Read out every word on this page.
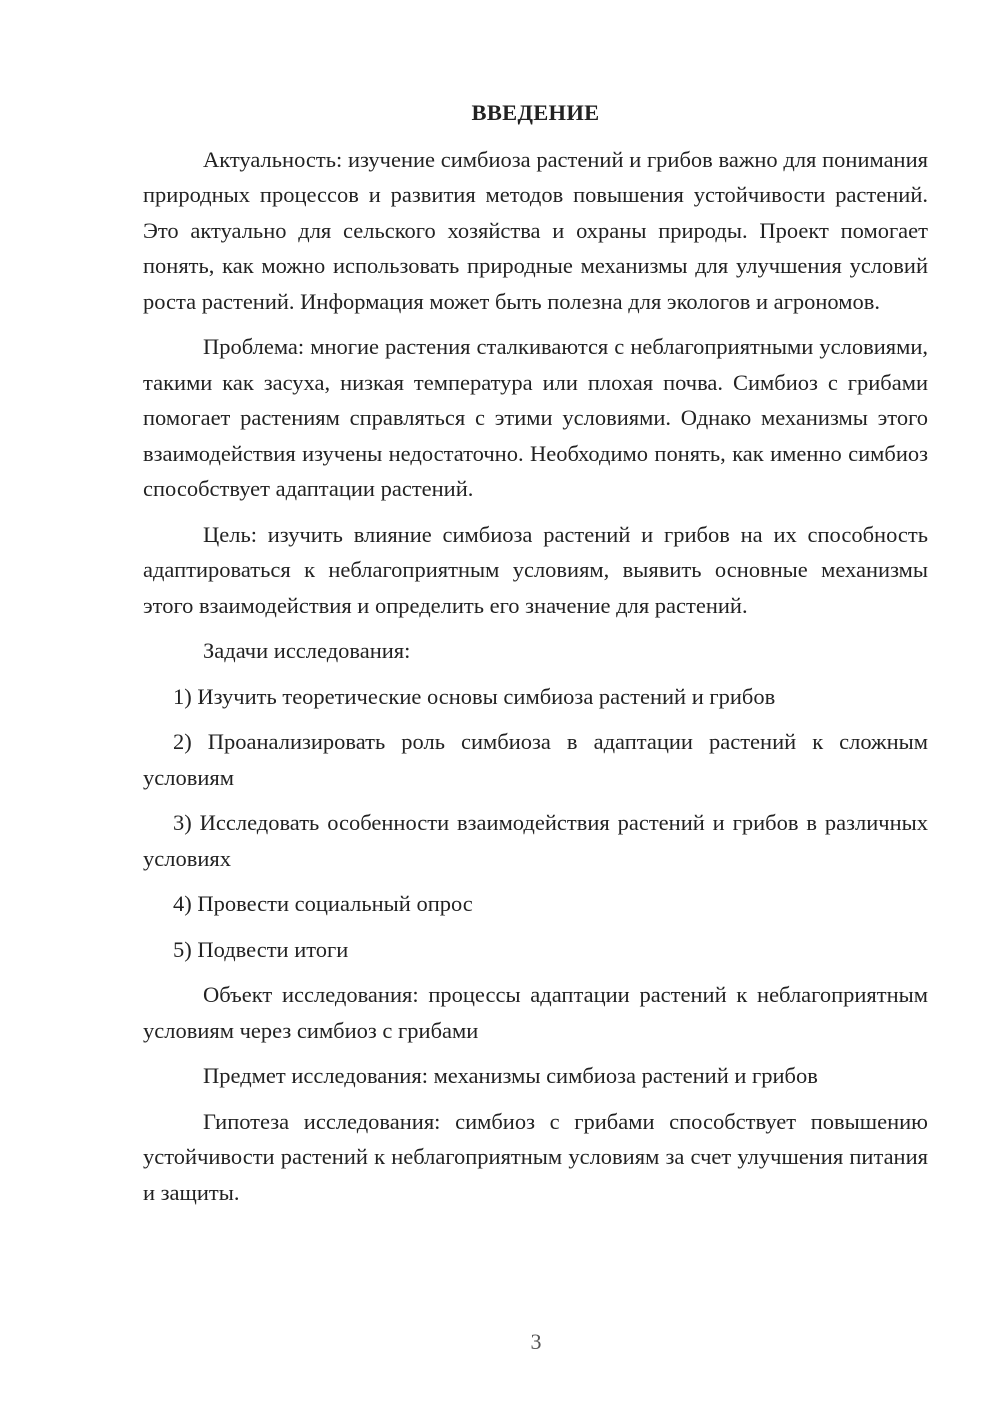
ВВЕДЕНИЕ
Актуальность: изучение симбиоза растений и грибов важно для понимания природных процессов и развития методов повышения устойчивости растений. Это актуально для сельского хозяйства и охраны природы. Проект помогает понять, как можно использовать природные механизмы для улучшения условий роста растений. Информация может быть полезна для экологов и агрономов.
Проблема: многие растения сталкиваются с неблагоприятными условиями, такими как засуха, низкая температура или плохая почва. Симбиоз с грибами помогает растениям справляться с этими условиями. Однако механизмы этого взаимодействия изучены недостаточно. Необходимо понять, как именно симбиоз способствует адаптации растений.
Цель: изучить влияние симбиоза растений и грибов на их способность адаптироваться к неблагоприятным условиям, выявить основные механизмы этого взаимодействия и определить его значение для растений.
Задачи исследования:
1) Изучить теоретические основы симбиоза растений и грибов
2) Проанализировать роль симбиоза в адаптации растений к сложным условиям
3) Исследовать особенности взаимодействия растений и грибов в различных условиях
4) Провести социальный опрос
5) Подвести итоги
Объект исследования: процессы адаптации растений к неблагоприятным условиям через симбиоз с грибами
Предмет исследования: механизмы симбиоза растений и грибов
Гипотеза исследования: симбиоз с грибами способствует повышению устойчивости растений к неблагоприятным условиям за счет улучшения питания и защиты.
3
